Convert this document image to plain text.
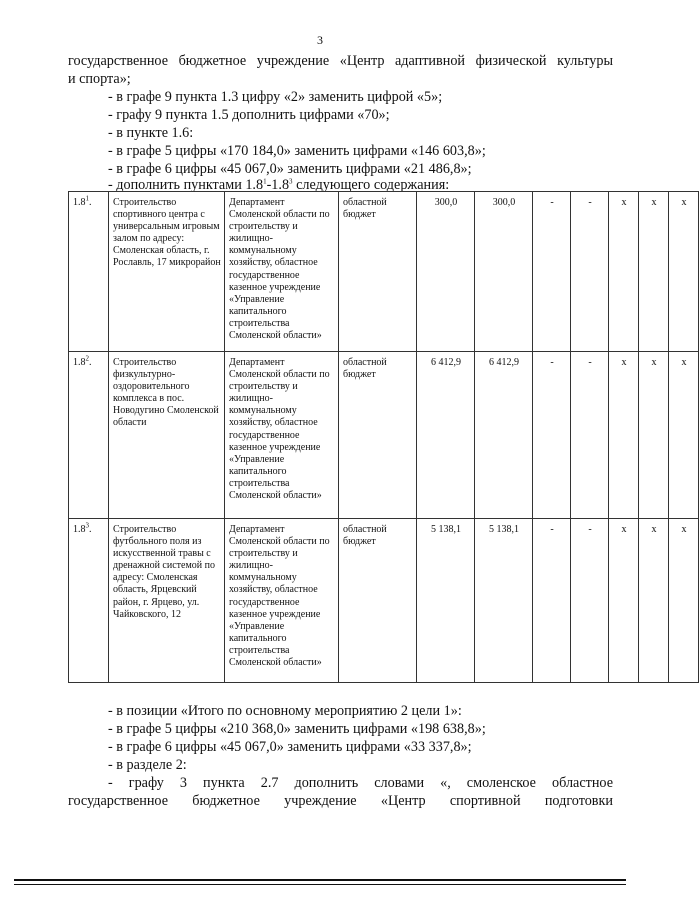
3

государственное бюджетное учреждение «Центр адаптивной физической культуры

и спорта»;

- в графе 9 пункта 1.3 цифру «2» заменить цифрой «5»;
- графу 9 пункта 1.5 дополнить цифрами «70»;
- в пункте 1.6:
- в графе 5 цифры «170 184,0» заменить цифрами «146 603,8»;
- в графе 6 цифры «45 067,0» заменить цифрами «21 486,8»;
- дополнить пунктами $1.8^1-1.8^3$ следующего содержания:
$1.8^1$.	Строительство спортивного центра с универсальным игровым залом по адресу: Смоленская область, г. Рославль, 17 микрорайон	Департамент Смоленской области по строительству и жилищно-коммунальному хозяйству, областное государственное казенное учреждение «Управление капитального строительства Смоленской области»	областной бюджет	300,0	300,0	-	-	х	х	х
$1.8^2$.	Строительство физкультурно-оздоровительного комплекса в пос. Новодугино Смоленской области	Департамент Смоленской области по строительству и жилищно-коммунальному хозяйству, областное государственное казенное учреждение «Управление капитального строительства Смоленской области»	областной бюджет	6 412,9	6 412,9	-	-	х	х	х
$1.8^3$.	Строительство футбольного поля из искусственной травы с дренажной системой по адресу: Смоленская область, Ярцевский район, г. Ярцево, ул. Чайковского, 12	Департамент Смоленской области по строительству и жилищно-коммунальному хозяйству, областное государственное казенное учреждение «Управление капитального строительства Смоленской области»	областной бюджет	5 138,1	5 138,1	-	-	х	х	х
- в позиции «Итого по основному мероприятию 2 цели 1»:
- в графе 5 цифры «210 368,0» заменить цифрами «198 638,8»;
- в графе 6 цифры «45 067,0» заменить цифрами «33 337,8»;
- в разделе 2:

- графу 3 пункта 2.7 дополнить словами «, смоленское областное

государственное бюджетное учреждение «Центр спортивной подготовки
